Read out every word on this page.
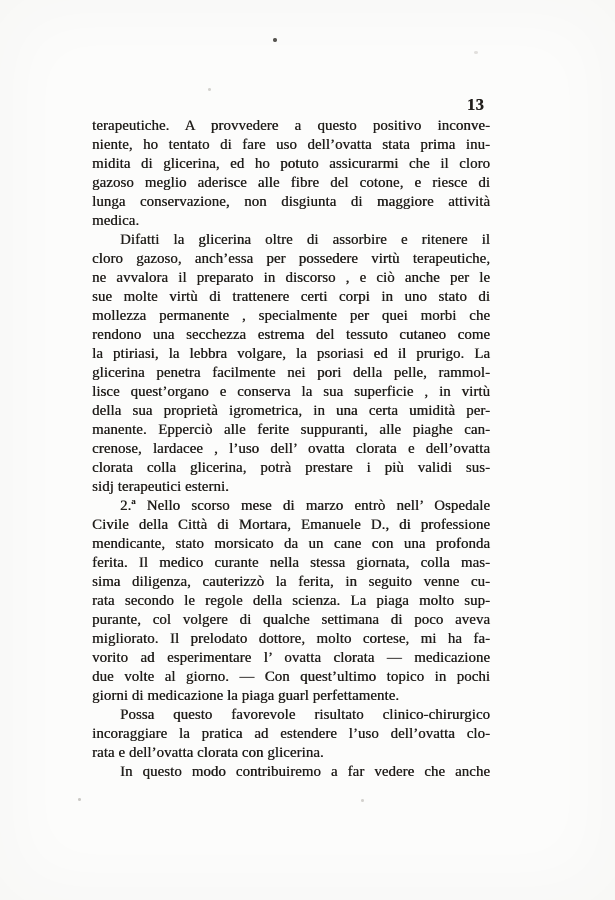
13
terapeutiche. A provvedere a questo positivo inconve-
niente, ho tentato di fare uso dell’ovatta stata prima inu-
midita di glicerina, ed ho potuto assicurarmi che il cloro
gazoso meglio aderisce alle fibre del cotone, e riesce di
lunga conservazione, non disgiunta di maggiore attività
medica.
Difatti la glicerina oltre di assorbire e ritenere il
cloro gazoso, anch’essa per possedere virtù terapeutiche,
ne avvalora il preparato in discorso , e ciò anche per le
sue molte virtù di trattenere certi corpi in uno stato di
mollezza permanente , specialmente per quei morbi che
rendono una secchezza estrema del tessuto cutaneo come
la ptiriasi, la lebbra volgare, la psoriasi ed il prurigo. La
glicerina penetra facilmente nei pori della pelle, rammol-
lisce quest’organo e conserva la sua superficie , in virtù
della sua proprietà igrometrica, in una certa umidità per-
manente. Epperciò alle ferite suppuranti, alle piaghe can-
crenose, lardacee , l’uso dell’ ovatta clorata e dell’ovatta
clorata colla glicerina, potrà prestare i più validi sus-
sidj terapeutici esterni.
2.ª Nello scorso mese di marzo entrò nell’ Ospedale
Civile della Città di Mortara, Emanuele D., di professione
mendicante, stato morsicato da un cane con una profonda
ferita. Il medico curante nella stessa giornata, colla mas-
sima diligenza, cauterizzò la ferita, in seguito venne cu-
rata secondo le regole della scienza. La piaga molto sup-
purante, col volgere di qualche settimana di poco aveva
migliorato. Il prelodato dottore, molto cortese, mi ha fa-
vorito ad esperimentare l’ ovatta clorata — medicazione
due volte al giorno. — Con quest’ultimo topico in pochi
giorni di medicazione la piaga guarl perfettamente.
Possa questo favorevole risultato clinico-chirurgico
incoraggiare la pratica ad estendere l’uso dell’ovatta clo-
rata e dell’ovatta clorata con glicerina.
In questo modo contribuiremo a far vedere che anche
